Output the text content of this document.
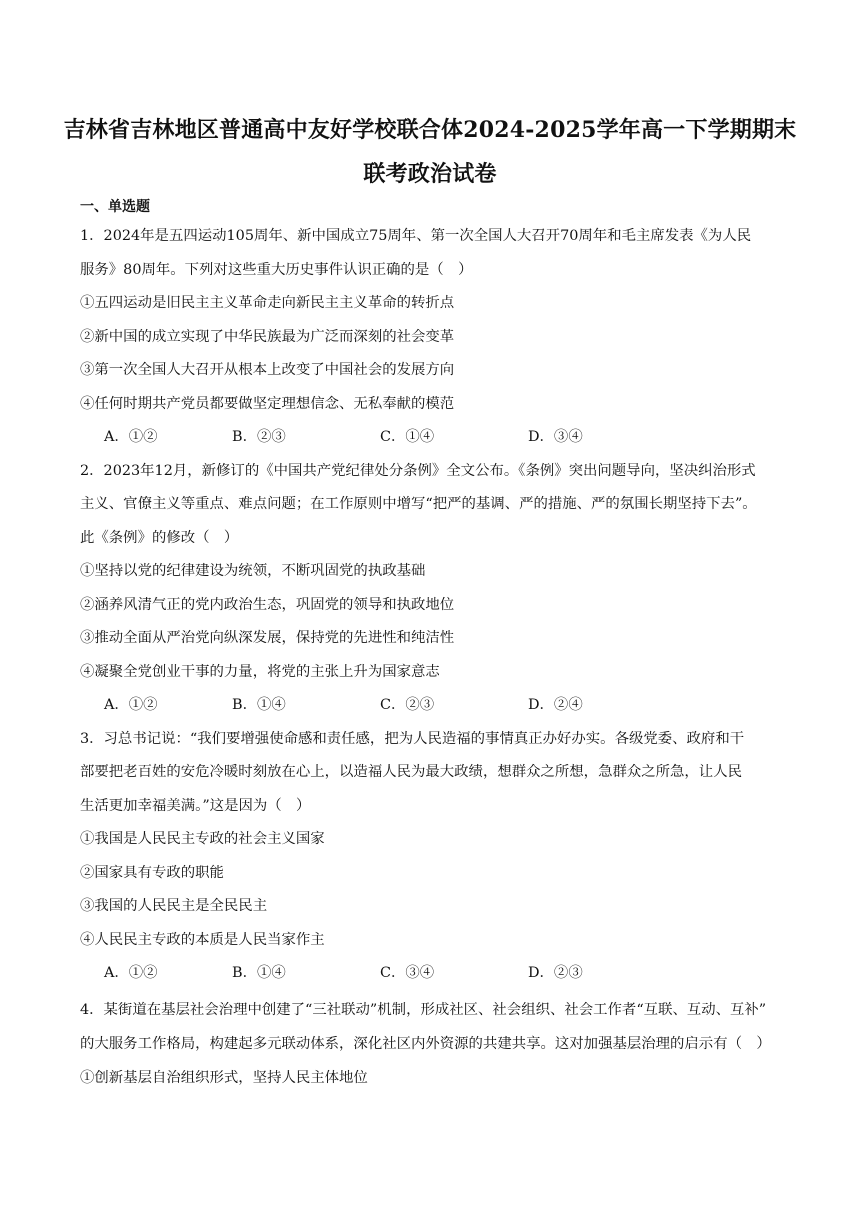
吉林省吉林地区普通高中友好学校联合体2024-2025学年高一下学期期末
联考政治试卷
一、单选题
1．2024年是五四运动105周年、新中国成立75周年、第一次全国人大召开70周年和毛主席发表《为人民
服务》80周年。下列对这些重大历史事件认识正确的是（　）
①五四运动是旧民主主义革命走向新民主主义革命的转折点
②新中国的成立实现了中华民族最为广泛而深刻的社会变革
③第一次全国人大召开从根本上改变了中国社会的发展方向
④任何时期共产党员都要做坚定理想信念、无私奉献的模范
A．①②	B．②③	C．①④	D．③④
2．2023年12月，新修订的《中国共产党纪律处分条例》全文公布。《条例》突出问题导向，坚决纠治形式
主义、官僚主义等重点、难点问题；在工作原则中增写“把严的基调、严的措施、严的氛围长期坚持下去”。
此《条例》的修改（　）
①坚持以党的纪律建设为统领，不断巩固党的执政基础
②涵养风清气正的党内政治生态，巩固党的领导和执政地位
③推动全面从严治党向纵深发展，保持党的先进性和纯洁性
④凝聚全党创业干事的力量，将党的主张上升为国家意志
A．①②	B．①④	C．②③	D．②④
3．习总书记说：“我们要增强使命感和责任感，把为人民造福的事情真正办好办实。各级党委、政府和干
部要把老百姓的安危冷暖时刻放在心上，以造福人民为最大政绩，想群众之所想，急群众之所急，让人民
生活更加幸福美满。”这是因为（　）
①我国是人民民主专政的社会主义国家
②国家具有专政的职能
③我国的人民民主是全民民主
④人民民主专政的本质是人民当家作主
A．①②	B．①④	C．③④	D．②③
4．某街道在基层社会治理中创建了“三社联动”机制，形成社区、社会组织、社会工作者“互联、互动、互补”
的大服务工作格局，构建起多元联动体系，深化社区内外资源的共建共享。这对加强基层治理的启示有（　）
①创新基层自治组织形式，坚持人民主体地位
